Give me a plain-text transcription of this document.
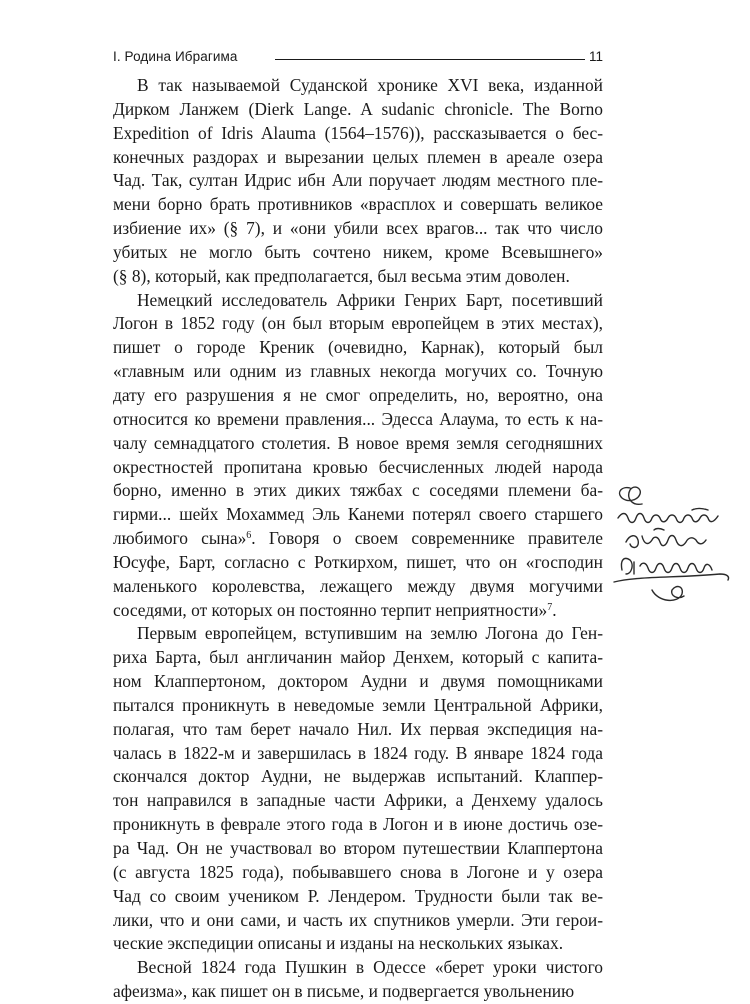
I. Родина Ибрагима	11
В так называемой Суданской хронике XVI века, изданной
Дирком Ланжем (Dierk Lange. A sudanic chronicle. The Borno
Expedition of Idris Alauma (1564–1576)), рассказывается о бес-
конечных раздорах и вырезании целых племен в ареале озера
Чад. Так, султан Идрис ибн Али поручает людям местного пле-
мени борно брать противников «врасплох и совершать великое
избиение их» (§ 7), и «они убили всех врагов... так что число
убитых не могло быть сочтено никем, кроме Всевышнего»
(§ 8), который, как предполагается, был весьма этим доволен.
Немецкий исследователь Африки Генрих Барт, посетивший
Логон в 1852 году (он был вторым европейцем в этих местах),
пишет о городе Креник (очевидно, Карнак), который был
«главным или одним из главных некогда могучих со. Точную
дату его разрушения я не смог определить, но, вероятно, она
относится ко времени правления... Эдесса Алаума, то есть к на-
чалу семнадцатого столетия. В новое время земля сегодняшних
окрестностей пропитана кровью бесчисленных людей народа
борно, именно в этих диких тяжбах с соседями племени ба-
гирми... шейх Мохаммед Эль Канеми потерял своего старшего
любимого сына»$^6$. Говоря о своем современнике правителе
Юсуфе, Барт, согласно с Роткирхом, пишет, что он «господин
маленького королевства, лежащего между двумя могучими
соседями, от которых он постоянно терпит неприятности»$^7$.
Первым европейцем, вступившим на землю Логона до Ген-
риха Барта, был англичанин майор Денхем, который с капита-
ном Клаппертоном, доктором Аудни и двумя помощниками
пытался проникнуть в неведомые земли Центральной Африки,
полагая, что там берет начало Нил. Их первая экспедиция на-
чалась в 1822-м и завершилась в 1824 году. В январе 1824 года
скончался доктор Аудни, не выдержав испытаний. Клаппер-
тон направился в западные части Африки, а Денхему удалось
проникнуть в феврале этого года в Логон и в июне достичь озе-
ра Чад. Он не участвовал во втором путешествии Клаппертона
(с августа 1825 года), побывавшего снова в Логоне и у озера
Чад со своим учеником Р. Лендером. Трудности были так ве-
лики, что и они сами, и часть их спутников умерли. Эти герои-
ческие экспедиции описаны и изданы на нескольких языках.
Весной 1824 года Пушкин в Одессе «берет уроки чистого
афеизма», как пишет он в письме, и подвергается увольнению
